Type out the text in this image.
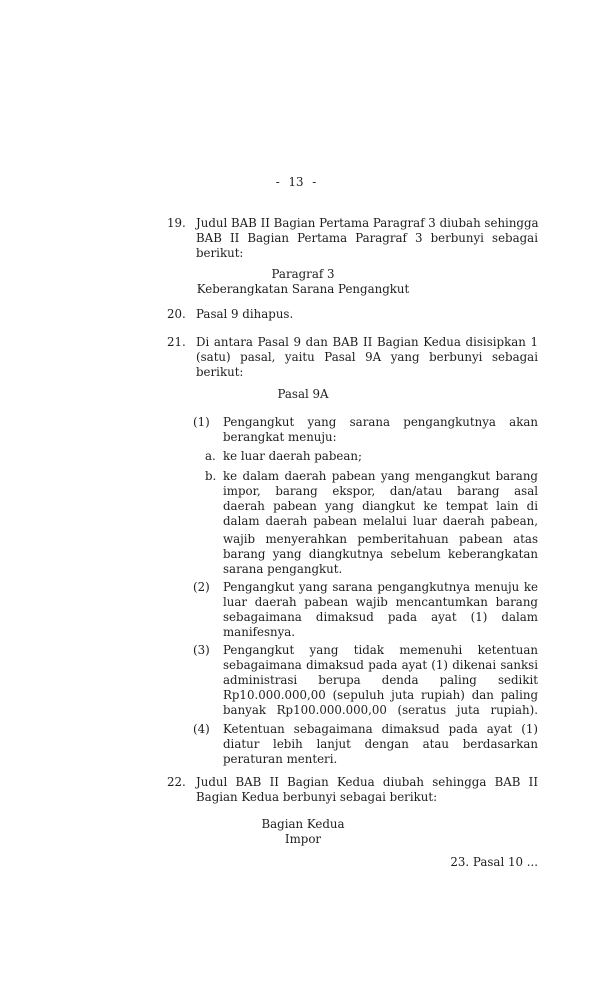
- 13 -
19. Judul BAB II Bagian Pertama Paragraf 3 diubah sehingga
BAB II Bagian Pertama Paragraf 3 berbunyi sebagai
berikut:
Paragraf 3
Keberangkatan Sarana Pengangkut
20. Pasal 9 dihapus.
21. Di antara Pasal 9 dan BAB II Bagian Kedua disisipkan 1
(satu) pasal, yaitu Pasal 9A yang berbunyi sebagai
berikut:
Pasal 9A
(1)	Pengangkut yang sarana pengangkutnya akan
berangkat menuju:
a. ke luar daerah pabean;
b. ke dalam daerah pabean yang mengangkut barang
impor, barang ekspor, dan/atau barang asal
daerah pabean yang diangkut ke tempat lain di
dalam daerah pabean melalui luar daerah pabean,
wajib menyerahkan pemberitahuan pabean atas
barang yang diangkutnya sebelum keberangkatan
sarana pengangkut.
(2)	Pengangkut yang sarana pengangkutnya menuju ke
luar daerah pabean wajib mencantumkan barang
sebagaimana dimaksud pada ayat (1) dalam
manifesnya.
(3)	Pengangkut yang tidak memenuhi ketentuan
sebagaimana dimaksud pada ayat (1) dikenai sanksi
administrasi berupa denda paling sedikit
Rp10.000.000,00 (sepuluh juta rupiah) dan paling
banyak Rp100.000.000,00 (seratus juta rupiah).
(4)	Ketentuan sebagaimana dimaksud pada ayat (1)
diatur lebih lanjut dengan atau berdasarkan
peraturan menteri.
22. Judul BAB II Bagian Kedua diubah sehingga BAB II
Bagian Kedua berbunyi sebagai berikut:
Bagian Kedua
Impor
23. Pasal 10 ...
